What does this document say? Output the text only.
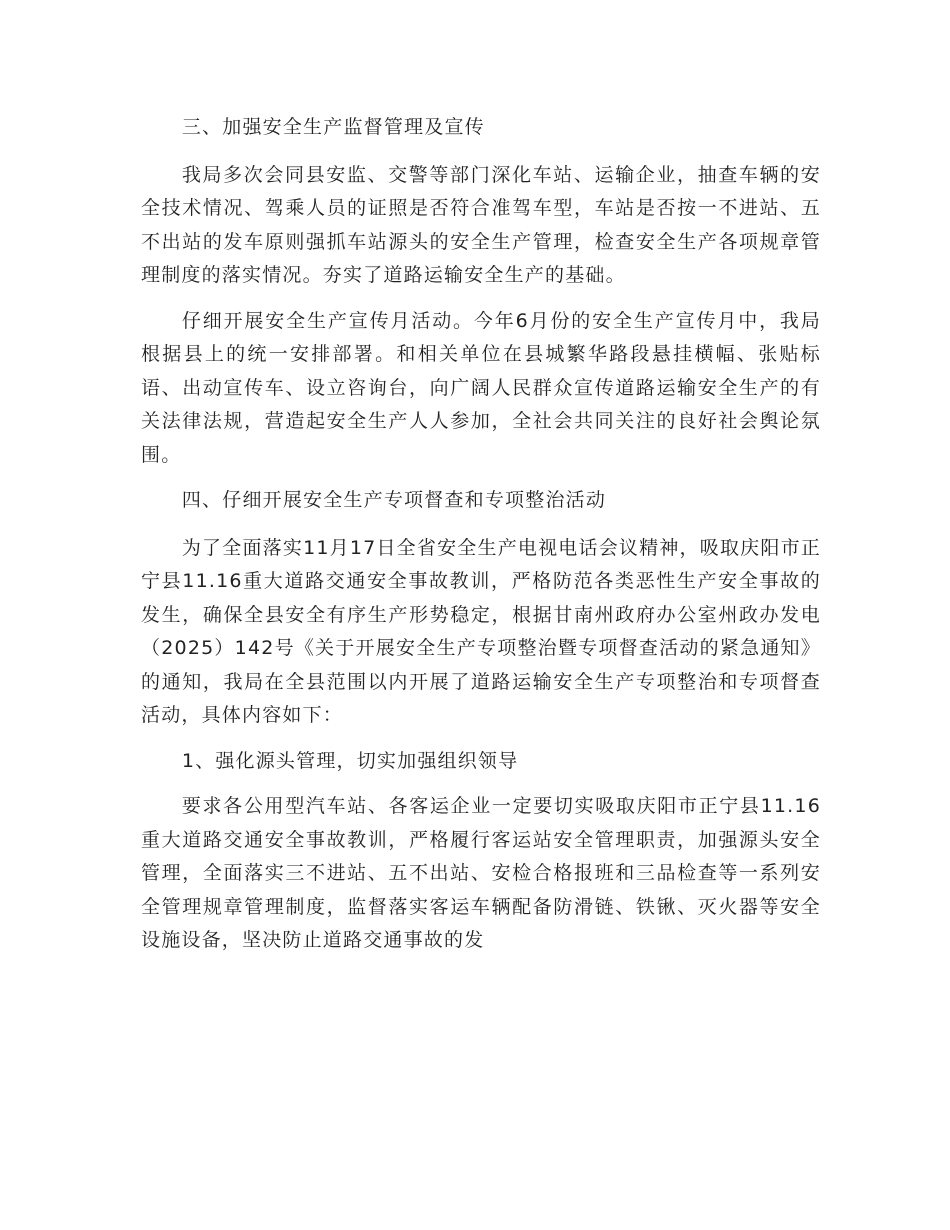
三、加强安全生产监督管理及宣传

我局多次会同县安监、交警等部门深化车站、运输企业，抽查车辆的安全技术情况、驾乘人员的证照是否符合准驾车型，车站是否按一不进站、五不出站的发车原则强抓车站源头的安全生产管理，检查安全生产各项规章管理制度的落实情况。夯实了道路运输安全生产的基础。

仔细开展安全生产宣传月活动。今年6月份的安全生产宣传月中，我局根据县上的统一安排部署。和相关单位在县城繁华路段悬挂横幅、张贴标语、出动宣传车、设立咨询台，向广阔人民群众宣传道路运输安全生产的有关法律法规，营造起安全生产人人参加，全社会共同关注的良好社会舆论氛围。

四、仔细开展安全生产专项督查和专项整治活动

为了全面落实11月17日全省安全生产电视电话会议精神，吸取庆阳市正宁县11.16重大道路交通安全事故教训，严格防范各类恶性生产安全事故的发生，确保全县安全有序生产形势稳定，根据甘南州政府办公室州政办发电（2025）142号《关于开展安全生产专项整治暨专项督查活动的紧急通知》的通知，我局在全县范围以内开展了道路运输安全生产专项整治和专项督查活动，具体内容如下：

1、强化源头管理，切实加强组织领导

要求各公用型汽车站、各客运企业一定要切实吸取庆阳市正宁县11.16 重大道路交通安全事故教训，严格履行客运站安全管理职责，加强源头安全管理，全面落实三不进站、五不出站、安检合格报班和三品检查等一系列安全管理规章管理制度，监督落实客运车辆配备防滑链、铁锹、灭火器等安全设施设备，坚决防止道路交通事故的发
